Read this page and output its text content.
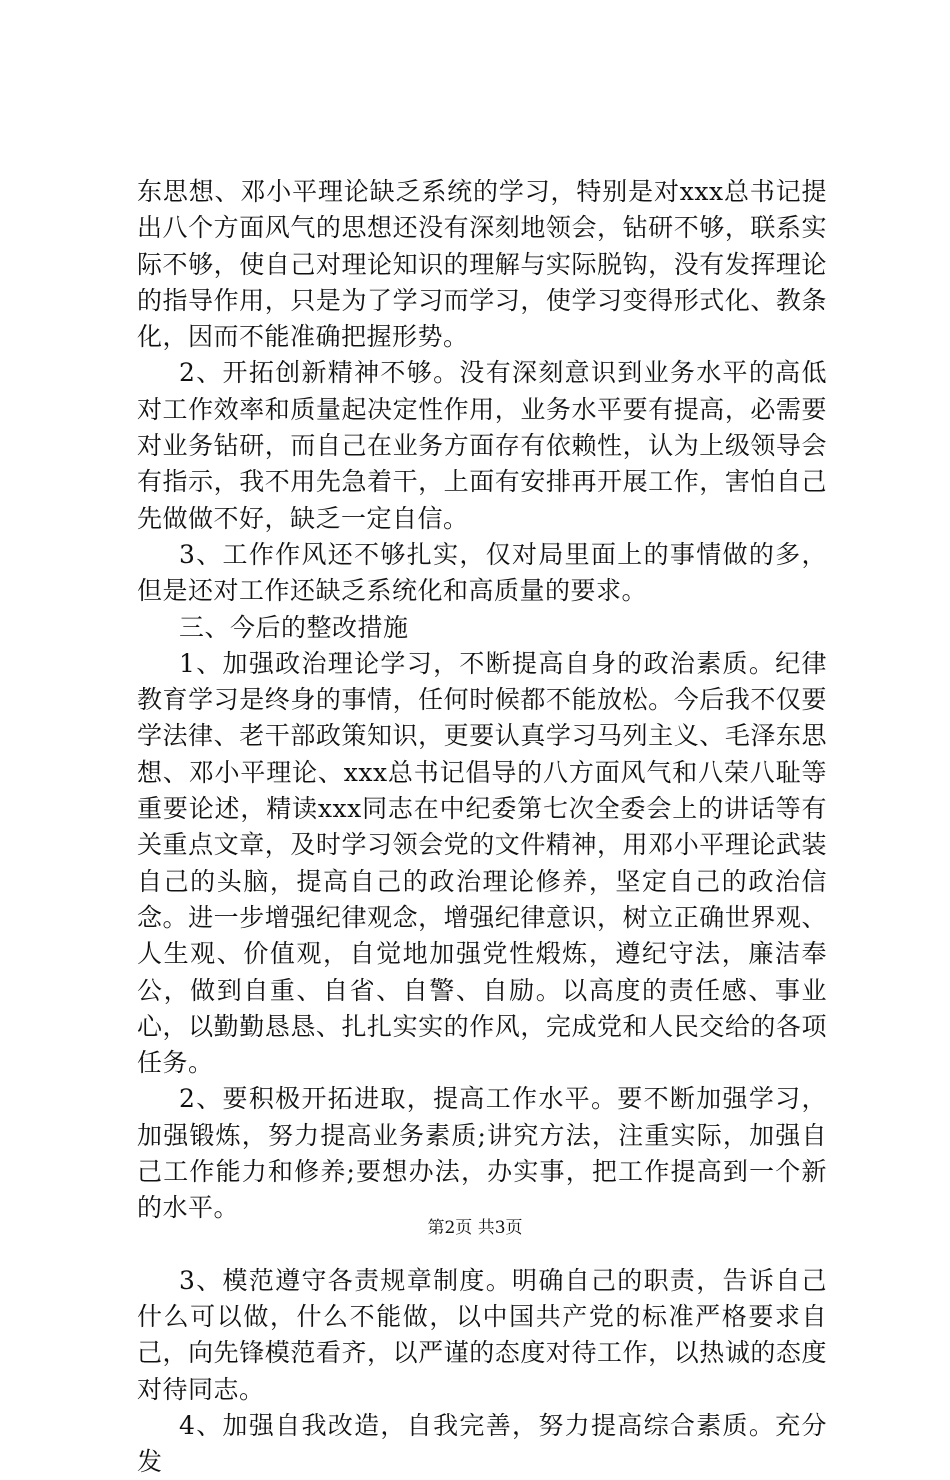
东思想、邓小平理论缺乏系统的学习，特别是对xxx总书记提出八个方面风气的思想还没有深刻地领会，钻研不够，联系实际不够，使自己对理论知识的理解与实际脱钩，没有发挥理论的指导作用，只是为了学习而学习，使学习变得形式化、教条化，因而不能准确把握形势。

2、开拓创新精神不够。没有深刻意识到业务水平的高低对工作效率和质量起决定性作用，业务水平要有提高，必需要对业务钻研，而自己在业务方面存有依赖性，认为上级领导会有指示，我不用先急着干，上面有安排再开展工作，害怕自己先做做不好，缺乏一定自信。

3、工作作风还不够扎实，仅对局里面上的事情做的多，但是还对工作还缺乏系统化和高质量的要求。

三、今后的整改措施

1、加强政治理论学习，不断提高自身的政治素质。纪律教育学习是终身的事情，任何时候都不能放松。今后我不仅要学法律、老干部政策知识，更要认真学习马列主义、毛泽东思想、邓小平理论、xxx总书记倡导的八方面风气和八荣八耻等重要论述，精读xxx同志在中纪委第七次全委会上的讲话等有关重点文章，及时学习领会党的文件精神，用邓小平理论武装自己的头脑，提高自己的政治理论修养，坚定自己的政治信念。进一步增强纪律观念，增强纪律意识，树立正确世界观、人生观、价值观，自觉地加强党性煅炼，遵纪守法，廉洁奉公，做到自重、自省、自警、自励。以高度的责任感、事业心，以勤勤恳恳、扎扎实实的作风，完成党和人民交给的各项任务。

2、要积极开拓进取，提高工作水平。要不断加强学习，加强锻炼，努力提高业务素质;讲究方法，注重实际，加强自己工作能力和修养;要想办法，办实事，把工作提高到一个新的水平。

3、模范遵守各责规章制度。明确自己的职责，告诉自己什么可以做，什么不能做，以中国共产党的标准严格要求自己，向先锋模范看齐，以严谨的态度对待工作，以热诚的态度对待同志。

4、加强自我改造，自我完善，努力提高综合素质。充分发

第2页 共3页
